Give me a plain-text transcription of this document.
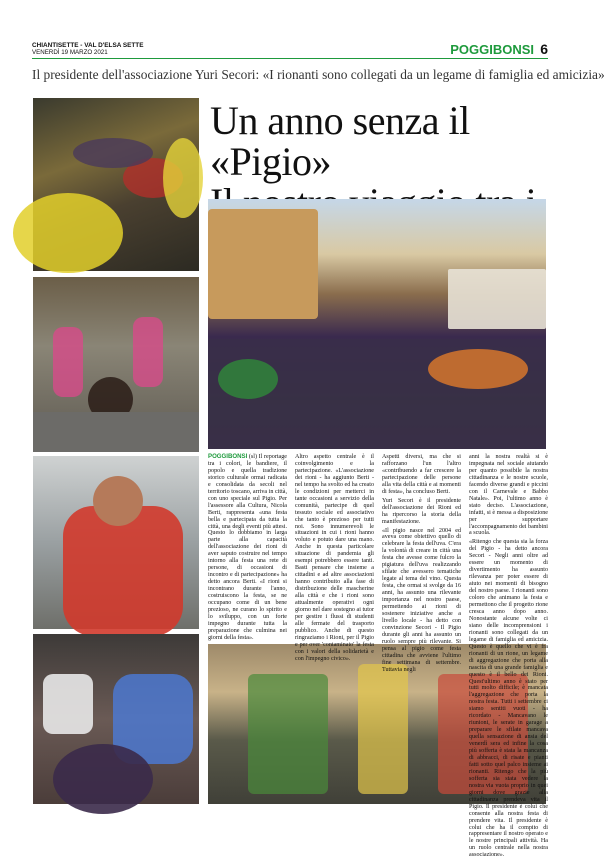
CHIANTISETTE - VAL D'ELSA SETTE
VENERDÌ 19 MARZO 2021	POGGIBONSI 6
Il presidente dell'associazione Yuri Secori: «I rionanti sono collegati da un legame di famiglia ed amicizia»
Un anno senza il «Pigio»

POGGIBONSI (sl) Il reportage tra i colori, le bandiere, il popolo e quella tradizione storico culturale ormai radicata e consolidata da secoli nel territorio toscano, arriva in città, con uno speciale sul Pigio. Per l'assessore alla Cultura, Nicola Berti, rappresenta «una festa bella e partecipata da tutta la città, una degli eventi più attesi. Questo lo dobbiamo in larga parte alla capacità dell'associazione dei rioni di aver saputo costruire nel tempo intorno alla festa una rete di persone, di occasioni di incontro e di partecipazione» ha detto ancora Berti. «I rioni si incontrano durante l'anno, costruiscono la festa, se ne occupano come di un bene prezioso, ne curano lo spirito e lo sviluppo, con un forte impegno durante tutta la preparazione che culmina nei giorni della festa».

Altro aspetto centrale è il coinvolgimento e la partecipazione. «L'associazione dei rioni - ha aggiunto Berti - nel tempo ha svolto ed ha creato le condizioni per metterci in tante occasioni a servizio della comunità, partecipe di quel tessuto sociale ed associativo che tanto è prezioso per tutti noi. Sono innumerevoli le situazioni in cui i rioni hanno voluto e potuto dare una mano. Anche in questa particolare situazione di pandemia gli esempi potrebbero essere tanti. Basti pensare che insieme a cittadini e ad altre associazioni hanno contribuito alla fase di distribuzione delle mascherine alla città e che i rioni sono attualmente operativi ogni giorno nel dare sostegno ai tutor per gestire i flussi di studenti alle fermate del trasporto pubblico. Anche di questo ringraziamo i Rioni, per il Pigio e per over 'contaminato' la festa con i valori della solidarietà e con l'impegno civico».

Aspetti diversi, ma che si rafforzano l'un l'altro «contribuendo a far crescere la partecipazione delle persone alla vita della città e ai momenti di festa», ha concluso Berti.

Yuri Secori è il presidente dell'associazione dei Rioni ed ha ripercorso la storia della manifestazione.

«Il pigio nasce nel 2004 ed aveva come obiettivo quello di celebrare la festa dell'uva. C'era la volontà di creare in città una festa che avesse come fulcro la pigiatura dell'uva realizzando sfilate che avessero tematiche legate al tema del vino. Questa festa, che ormai si svolge da 16 anni, ha assunto una rilevante importanza nel nostro paese, permettendo ai rioni di sostenere iniziative anche a livello locale - ha detto con convinzione Secori - Il Pigio durante gli anni ha assunto un ruolo sempre più rilevante. Si pensa al pigio come festa cittadina che avviene l'ultimo fine settimana di settembre. Tuttavia negli

anni la nostra realtà si è impegnata nel sociale aiutando per quanto possibile la nostra cittadinanza e le nostre scuole, facendo diverse grandi e piccini con il Carnevale e Babbo Natale». Poi, l'ultimo anno è stato deciso. L'associazione, infatti, si è messa a disposizione per supportare l'accompagnamento dei bambini a scuola.

«Ritengo che questa sia la forza del Pigio - ha detto ancora Secori - Negli anni oltre ad essere un momento di divertimento ha assunto rilevanza per poter essere di aiuto nei momenti di bisogno del nostro paese. I rionanti sono coloro che animano la festa e permettono che il progetto rione cresca anno dopo anno. Nonostante alcune volte ci siano delle incomprensioni i rionanti sono collegati da un legame di famiglia ed amicizia. Questo è quello che vi è fra rionanti di un rione, un legame di aggregazione che porta alla nascita di una grande famiglia e questo è il bello dei Rioni. Quest'ultimo anno è stato per tutti molto difficile; è mancata l'aggregazione che porta la nostra festa. Tutti i settembre ci siamo sentiti vuoti - ha ricordato - Mancavano le riunioni, le serate in garage a preparare le sfilate mancava quella sensazione di ansia del venerdì sera ed infine la cosa più sofferta è stata la mancanza di abbracci, di risate e pianti fatti sotto quel palco insieme ai rionanti. Ritengo che la più sofferta sia stata vedere la nostra via vuota proprio in quei giorni dove grazie alla cittadinanza prendeva vita il Pigio. Il presidente è colui che consente alla nostra festa di prendere vita. Il presidente è colui che ha il compito di rappresentare il nostro operato e le nostre principali attività. Ha un ruolo centrale nella nostra associazione».
